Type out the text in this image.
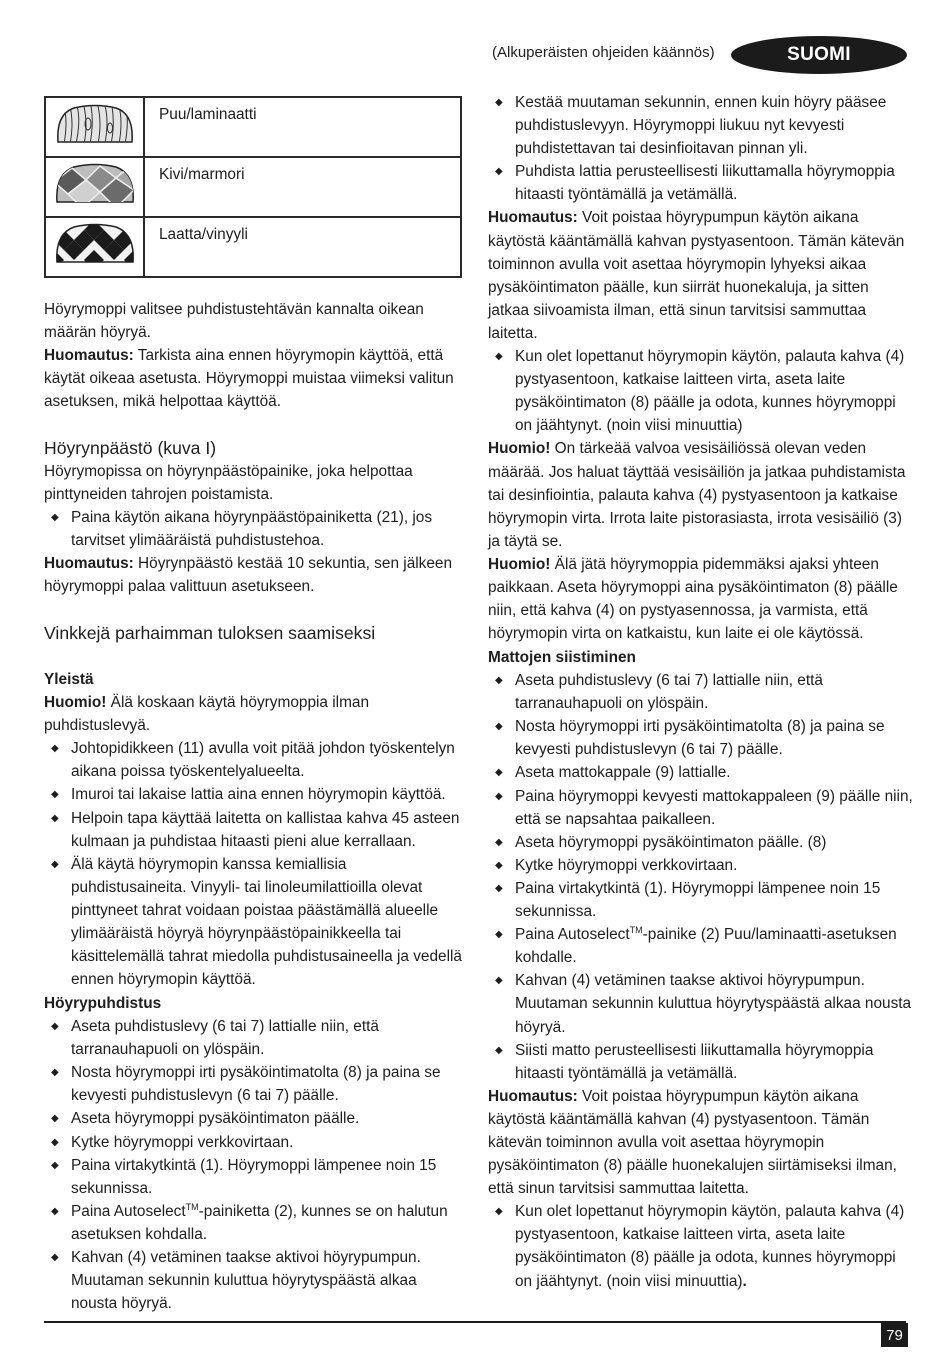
(Alkuperäisten ohjeiden käännös)	SUOMI
	Puu/laminaatti
	Kivi/marmori
	Laatta/vinyyli

Höyrymoppi valitsee puhdistustehtävän kannalta oikean määrän höyryä.

Huomautus: Tarkista aina ennen höyrymopin käyttöä, että käytät oikeaa asetusta. Höyrymoppi muistaa viimeksi valitun asetuksen, mikä helpottaa käyttöä.

Höyrynpäästö (kuva I)

Höyrymopissa on höyrynpäästöpainike, joka helpottaa pinttyneiden tahrojen poistamista.

◆ Paina käytön aikana höyrynpäästöpainiketta (21), jos tarvitset ylimääräistä puhdistustehoa.

Huomautus: Höyrynpäästö kestää 10 sekuntia, sen jälkeen höyrymoppi palaa valittuun asetukseen.

Vinkkejä parhaimman tuloksen saamiseksi
Yleistä

Huomio! Älä koskaan käytä höyrymoppia ilman puhdistuslevyä.

◆ Johtopidikkeen (11) avulla voit pitää johdon työskentelyn aikana poissa työskentelyalueelta.
◆ Imuroi tai lakaise lattia aina ennen höyrymopin käyttöä.
◆ Helpoin tapa käyttää laitetta on kallistaa kahva 45 asteen kulmaan ja puhdistaa hitaasti pieni alue kerrallaan.
◆ Älä käytä höyrymopin kanssa kemiallisia puhdistusaineita. Vinyyli- tai linoleumilattioilla olevat pinttyneet tahrat voidaan poistaa päästämällä alueelle ylimääräistä höyryä höyrynpäästöpainikkeella tai käsittelemällä tahrat miedolla puhdistusaineella ja vedellä ennen höyrymopin käyttöä.
Höyrypuhdistus
◆ Aseta puhdistuslevy (6 tai 7) lattialle niin, että tarranauhapuoli on ylöspäin.
◆ Nosta höyrymoppi irti pysäköintimatolta (8) ja paina se kevyesti puhdistuslevyn (6 tai 7) päälle.
◆ Aseta höyrymoppi pysäköintimaton päälle.
◆ Kytke höyrymoppi verkkovirtaan.
◆ Paina virtakytkintä (1). Höyrymoppi lämpenee noin 15 sekunnissa.
◆ Paina Autoselect™-painiketta (2), kunnes se on halutun asetuksen kohdalla.
◆ Kahvan (4) vetäminen taakse aktivoi höyrypumpun. Muutaman sekunnin kuluttua höyrytyspäästä alkaa nousta höyryä.
◆ Kestää muutaman sekunnin, ennen kuin höyry pääsee puhdistuslevyyn. Höyrymoppi liukuu nyt kevyesti puhdistettavan tai desinfioitavan pinnan yli.
◆ Puhdista lattia perusteellisesti liikuttamalla höyrymoppia hitaasti työntämällä ja vetämällä.

Huomautus: Voit poistaa höyrypumpun käytön aikana käytöstä kääntämällä kahvan pystyasentoon. Tämän kätevän toiminnon avulla voit asettaa höyrymopin lyhyeksi aikaa pysäköintimaton päälle, kun siirrät huonekaluja, ja sitten jatkaa siivoamista ilman, että sinun tarvitsisi sammuttaa laitetta.

◆ Kun olet lopettanut höyrymopin käytön, palauta kahva (4) pystyasentoon, katkaise laitteen virta, aseta laite pysäköintimaton (8) päälle ja odota, kunnes höyrymoppi on jäähtynyt. (noin viisi minuuttia)

Huomio! On tärkeää valvoa vesisäiliössä olevan veden määrää. Jos haluat täyttää vesisäiliön ja jatkaa puhdistamista tai desinfiointia, palauta kahva (4) pystyasentoon ja katkaise höyrymopin virta. Irrota laite pistorasiasta, irrota vesisäiliö (3) ja täytä se.

Huomio! Älä jätä höyrymoppia pidemmäksi ajaksi yhteen paikkaan. Aseta höyrymoppi aina pysäköintimaton (8) päälle niin, että kahva (4) on pystyasennossa, ja varmista, että höyrymopin virta on katkaistu, kun laite ei ole käytössä.

Mattojen siistiminen
◆ Aseta puhdistuslevy (6 tai 7) lattialle niin, että tarranauhapuoli on ylöspäin.
◆ Nosta höyrymoppi irti pysäköintimatolta (8) ja paina se kevyesti puhdistuslevyn (6 tai 7) päälle.
◆ Aseta mattokappale (9) lattialle.
◆ Paina höyrymoppi kevyesti mattokappaleen (9) päälle niin, että se napsahtaa paikalleen.
◆ Aseta höyrymoppi pysäköintimaton päälle. (8)
◆ Kytke höyrymoppi verkkovirtaan.
◆ Paina virtakytkintä (1). Höyrymoppi lämpenee noin 15 sekunnissa.
◆ Paina Autoselect™-painike (2) Puu/laminaatti-asetuksen kohdalle.
◆ Kahvan (4) vetäminen taakse aktivoi höyrypumpun. Muutaman sekunnin kuluttua höyrytyspäästä alkaa nousta höyryä.
◆ Siisti matto perusteellisesti liikuttamalla höyrymoppia hitaasti työntämällä ja vetämällä.

Huomautus: Voit poistaa höyrypumpun käytön aikana käytöstä kääntämällä kahvan (4) pystyasentoon. Tämän kätevän toiminnon avulla voit asettaa höyrymopin pysäköintimaton (8) päälle huonekalujen siirtämiseksi ilman, että sinun tarvitsisi sammuttaa laitetta.

◆ Kun olet lopettanut höyrymopin käytön, palauta kahva (4) pystyasentoon, katkaise laitteen virta, aseta laite pysäköintimaton (8) päälle ja odota, kunnes höyrymoppi on jäähtynyt. (noin viisi minuuttia).
79
